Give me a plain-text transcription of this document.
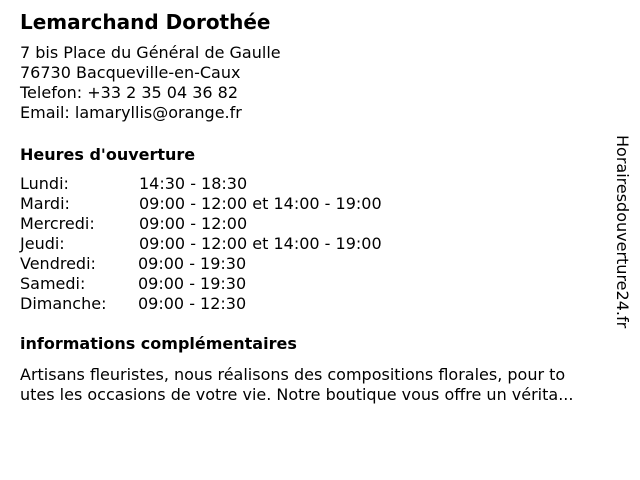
Lemarchand Dorothée
7 bis Place du Général de Gaulle
76730 Bacqueville-en-Caux
Telefon: +33 2 35 04 36 82
Email: lamaryllis@orange.fr
Heures d'ouverture
Lundi:	14:30 - 18:30
Mardi:	09:00 - 12:00 et 14:00 - 19:00
Mercredi:	09:00 - 12:00
Jeudi:	09:00 - 12:00 et 14:00 - 19:00
Vendredi:	09:00 - 19:30
Samedi:	09:00 - 19:30
Dimanche: 09:00 - 12:30
informations complémentaires
Artisans fleuristes, nous réalisons des compositions florales, pour to
utes les occasions de votre vie. Notre boutique vous offre un vérita...
Horairesdouverture24.fr
